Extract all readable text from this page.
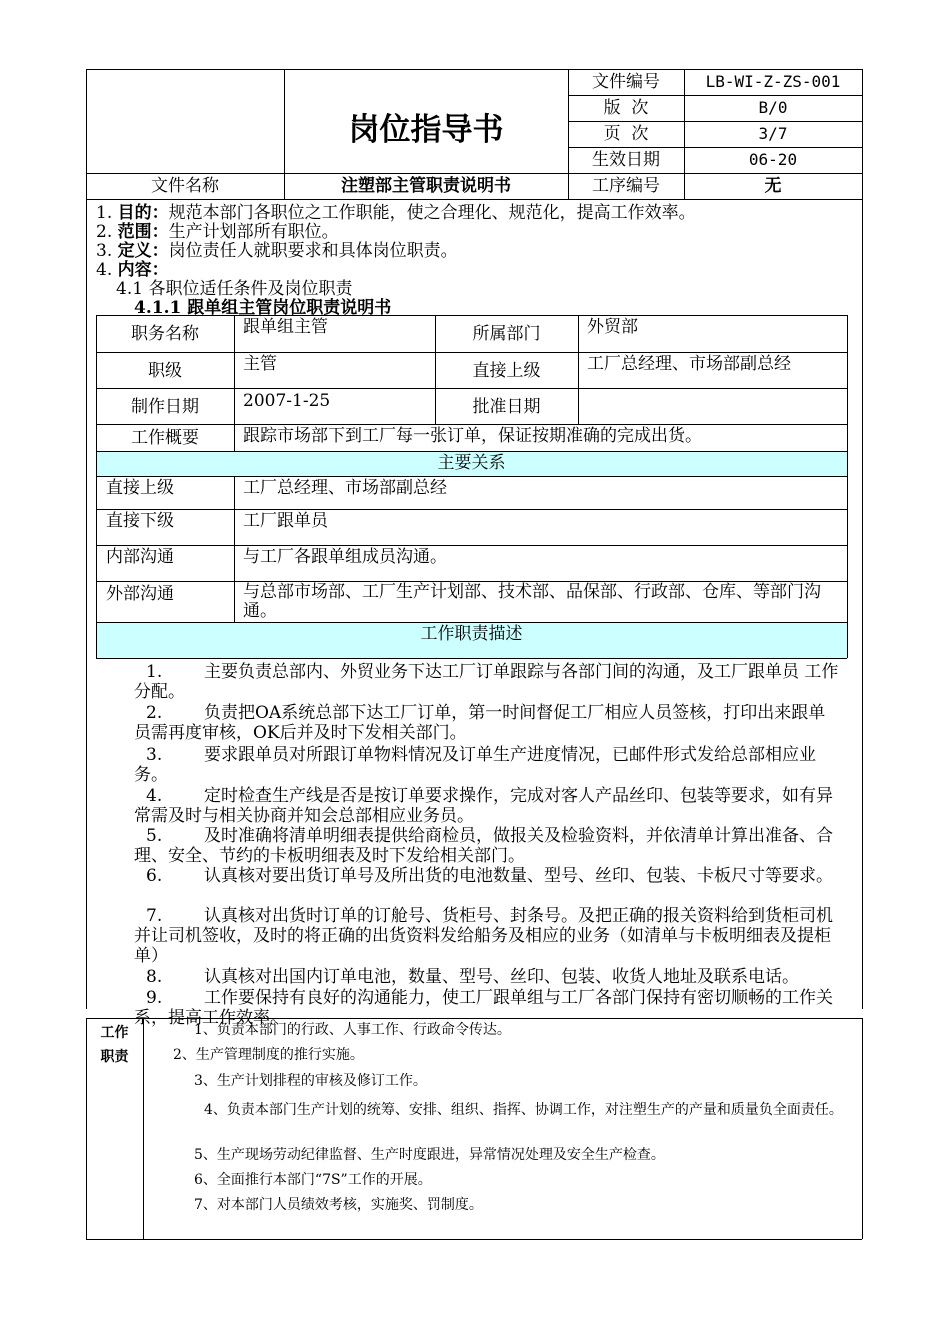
岗位指导书
文件编号	LB-WI-Z-ZS-001
版  次	B/0
页  次	3/7
生效日期	06-20
文件名称	注塑部主管职责说明书	工序编号	无
1. 目的：规范本部门各职位之工作职能，使之合理化、规范化，提高工作效率。
2. 范围：生产计划部所有职位。
3. 定义：岗位责任人就职要求和具体岗位职责。
4. 内容：
4.1 各职位适任条件及岗位职责
4.1.1 跟单组主管岗位职责说明书
职务名称	跟单组主管	所属部门	外贸部
职级	主管	直接上级	工厂总经理、市场部副总经
制作日期	2007-1-25	批准日期
工作概要	跟踪市场部下到工厂每一张订单，保证按期准确的完成出货。
主要关系
直接上级	工厂总经理、市场部副总经
直接下级	工厂跟单员
内部沟通	与工厂各跟单组成员沟通。
外部沟通	与总部市场部、工厂生产计划部、技术部、品保部、行政部、仓库、等部门沟通。
工作职责描述
1. 主要负责总部内、外贸业务下达工厂订单跟踪与各部门间的沟通，及工厂跟单员 工作分配。
2. 负责把OA系统总部下达工厂订单，第一时间督促工厂相应人员签核，打印出来跟单员需再度审核，OK后并及时下发相关部门。
3. 要求跟单员对所跟订单物料情况及订单生产进度情况，已邮件形式发给总部相应业务。
4. 定时检查生产线是否是按订单要求操作，完成对客人产品丝印、包装等要求，如有异常需及时与相关协商并知会总部相应业务员。
5. 及时准确将清单明细表提供给商检员，做报关及检验资料，并依清单计算出准备、合理、安全、节约的卡板明细表及时下发给相关部门。
6. 认真核对要出货订单号及所出货的电池数量、型号、丝印、包装、卡板尺寸等要求。
7. 认真核对出货时订单的订舱号、货柜号、封条号。及把正确的报关资料给到货柜司机并让司机签收，及时的将正确的出货资料发给船务及相应的业务（如清单与卡板明细表及提柜单）
8. 认真核对出国内订单电池，数量、型号、丝印、包装、收货人地址及联系电话。
9. 工作要保持有良好的沟通能力，使工厂跟单组与工厂各部门保持有密切顺畅的工作关系，提高工作效率。
工作
职责
1、负责本部门的行政、人事工作、行政命令传达。
2、生产管理制度的推行实施。
3、生产计划排程的审核及修订工作。
4、负责本部门生产计划的统筹、安排、组织、指挥、协调工作，对注塑生产的产量和质量负全面责任。
5、生产现场劳动纪律监督、生产时度跟进，异常情况处理及安全生产检查。
6、全面推行本部门“7S”工作的开展。
7、对本部门人员绩效考核，实施奖、罚制度。
